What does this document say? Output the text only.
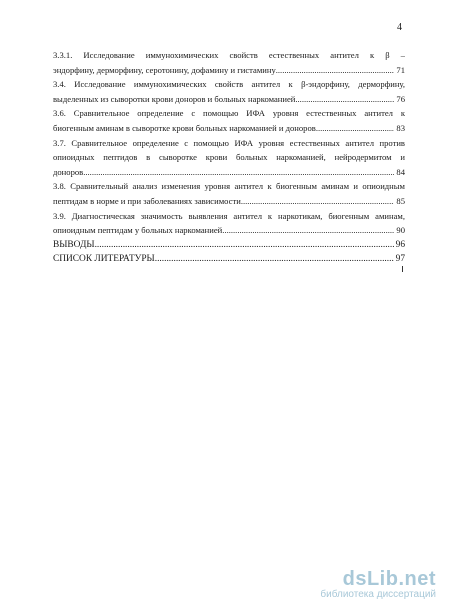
4
3.3.1. Исследование иммунохимических свойств естественных антител к β –
эндорфину, дерморфину, серотонину, дофамину и гистамину .....	71
3.4. Исследование иммунохимических свойств антител к β-эндорфину, дерморфину,
выделенных из сыворотки крови доноров и больных наркоманией. .....	76
3.6. Сравнительное определение с помощью ИФА уровня естественных антител к
биогенным аминам в сыворотке крови больных наркоманией и доноров .....	83
3.7. Сравнительное определение с помощью ИФА уровня естественных антител против
опиоидных пептидов в сыворотке крови больных наркоманией, нейродермитом и
доноров .....	84
3.8. Сравнительный анализ изменения уровня антител к биогенным аминам и опиоидным
пептидам в норме и при заболеваниях зависимости .....	85
3.9. Диагностическая значимость выявления антител к наркотикам, биогенным аминам,
опиоидным пептидам у больных наркоманией. .....	90
ВЫВОДЫ .....	96
СПИСОК ЛИТЕРАТУРЫ. .....	97
dsLib.net
библиотека диссертаций
